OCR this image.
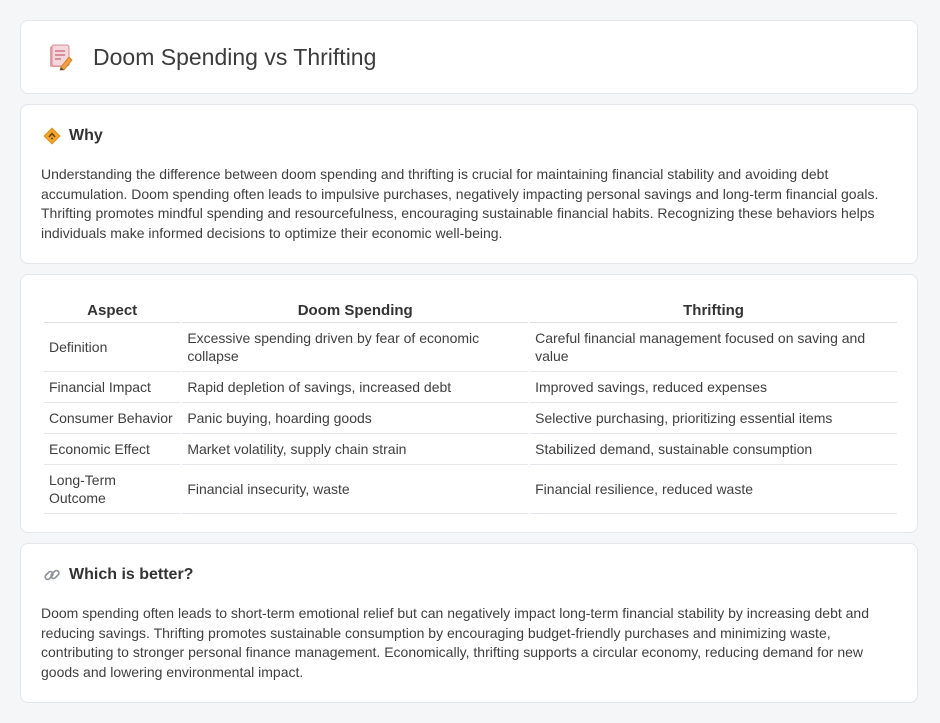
Doom Spending vs Thrifting
Why

Understanding the difference between doom spending and thrifting is crucial for maintaining financial stability and avoiding debt accumulation. Doom spending often leads to impulsive purchases, negatively impacting personal savings and long-term financial goals. Thrifting promotes mindful spending and resourcefulness, encouraging sustainable financial habits. Recognizing these behaviors helps individuals make informed decisions to optimize their economic well-being.

Aspect	Doom Spending	Thrifting
Definition	Excessive spending driven by fear of economic collapse	Careful financial management focused on saving and value
Financial Impact	Rapid depletion of savings, increased debt	Improved savings, reduced expenses
Consumer Behavior	Panic buying, hoarding goods	Selective purchasing, prioritizing essential items
Economic Effect	Market volatility, supply chain strain	Stabilized demand, sustainable consumption
Long-Term Outcome	Financial insecurity, waste	Financial resilience, reduced waste
Which is better?

Doom spending often leads to short-term emotional relief but can negatively impact long-term financial stability by increasing debt and reducing savings. Thrifting promotes sustainable consumption by encouraging budget-friendly purchases and minimizing waste, contributing to stronger personal finance management. Economically, thrifting supports a circular economy, reducing demand for new goods and lowering environmental impact.
